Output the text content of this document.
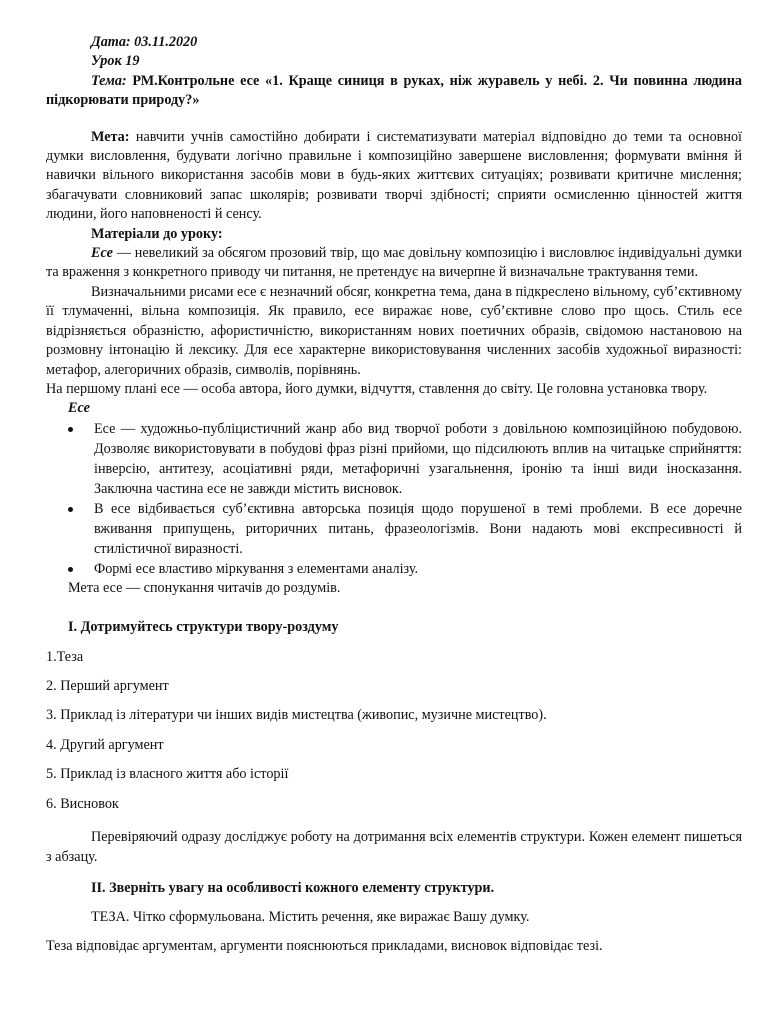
Дата: 03.11.2020

Урок 19

Тема: РМ.Контрольне есе «1. Краще синиця в руках, ніж журавель у небі. 2. Чи повинна людина підкорювати природу?»

Мета: навчити учнів самостійно добирати і систематизувати матеріал відповідно до теми та основної думки висловлення, будувати логічно правильне і композиційно завершене висловлення; формувати вміння й навички вільного використання засобів мови в будь-яких життєвих ситуаціях; розвивати критичне мислення; збагачувати словниковий запас школярів; розвивати творчі здібності; сприяти осмисленню цінностей життя людини, його наповненості й сенсу.

Матеріали до уроку:

Есе — невеликий за обсягом прозовий твір, що має довільну композицію і висловлює індивідуальні думки та враження з конкретного приводу чи питання, не претендує на вичерпне й визначальне трактування теми.

Визначальними рисами есе є незначний обсяг, конкретна тема, дана в підкреслено вільному, суб’єктивному її тлумаченні, вільна композиція. Як правило, есе виражає нове, суб’єктивне слово про щось. Стиль есе відрізняється образністю, афористичністю, використанням нових поетичних образів, свідомою настановою на розмовну інтонацію й лексику. Для есе характерне використовування численних засобів художньої виразності: метафор, алегоричних образів, символів, порівнянь.

На першому плані есе — особа автора, його думки, відчуття, ставлення до світу. Це головна установка твору.

Есе

Есе — художньо-публіцистичний жанр або вид творчої роботи з довільною композиційною побудовою. Дозволяє використовувати в побудові фраз різні прийоми, що підсилюють вплив на читацьке сприйняття: інверсію, антитезу, асоціативні ряди, метафоричні узагальнення, іронію та інші види іносказання. Заключна частина есе не завжди містить висновок.

В есе відбивається суб’єктивна авторська позиція щодо порушеної в темі проблеми. В есе доречне вживання припущень, риторичних питань, фразеологізмів. Вони надають мові експресивності й стилістичної виразності.

Формі есе властиво міркування з елементами аналізу.

Мета есе — спонукання читачів до роздумів.

І. Дотримуйтесь структури твору-роздуму

1.Теза
2. Перший аргумент
3. Приклад із літератури чи інших видів мистецтва (живопис, музичне мистецтво).
4. Другий аргумент
5. Приклад із власного життя або історії
6. Висновок

Перевіряючий одразу досліджує роботу на дотримання всіх елементів структури. Кожен елемент пишеться з абзацу.

ІІ. Зверніть увагу на особливості кожного елементу структури.

ТЕЗА. Чітко сформульована. Містить речення, яке виражає Вашу думку.

Теза відповідає аргументам, аргументи пояснюються прикладами, висновок відповідає тезі.
